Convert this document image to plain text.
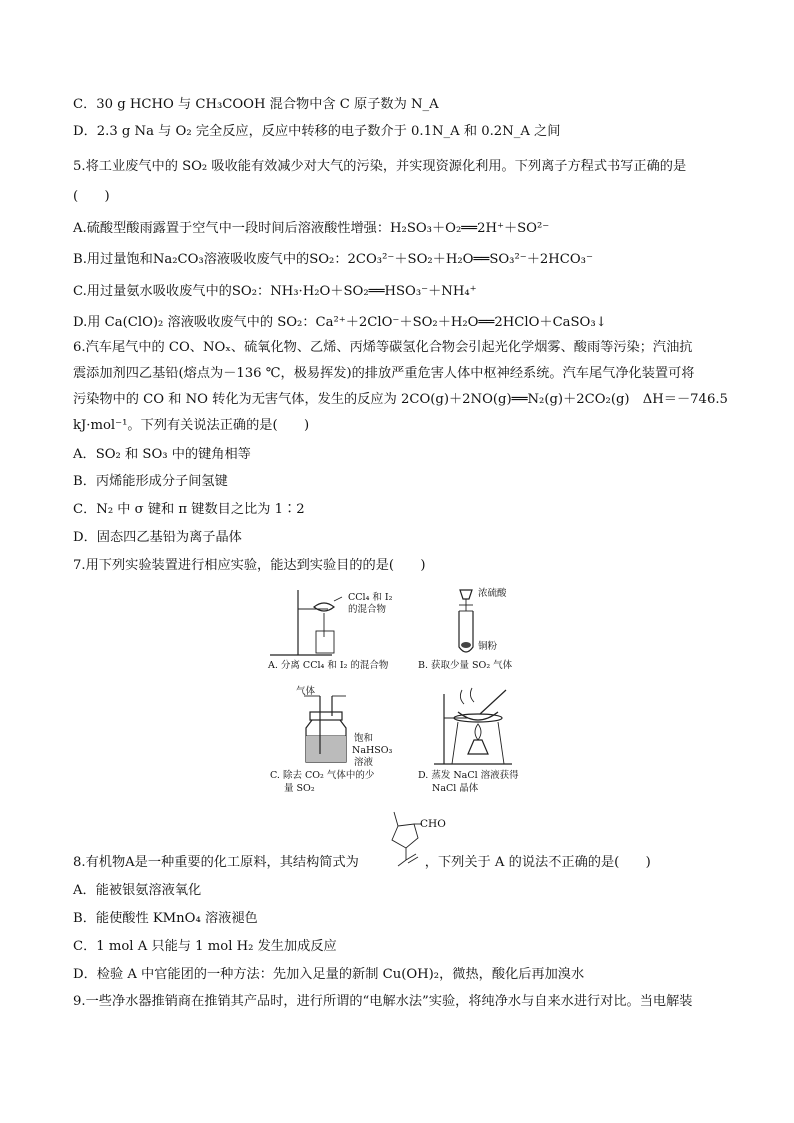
C．30 g HCHO 与 CH₃COOH 混合物中含 C 原子数为 N_A
D．2.3 g Na 与 O₂ 完全反应，反应中转移的电子数介于 0.1N_A 和 0.2N_A 之间
5.将工业废气中的 SO₂ 吸收能有效减少对大气的污染，并实现资源化利用。下列离子方程式书写正确的是
(　　)
A.硫酸型酸雨露置于空气中一段时间后溶液酸性增强：H₂SO₃＋O₂══2H⁺＋SO²⁻
B.用过量饱和Na₂CO₃溶液吸收废气中的SO₂：2CO₃²⁻＋SO₂＋H₂O══SO₃²⁻＋2HCO₃⁻
C.用过量氨水吸收废气中的SO₂：NH₃·H₂O＋SO₂══HSO₃⁻＋NH₄⁺
D.用 Ca(ClO)₂ 溶液吸收废气中的 SO₂：Ca²⁺＋2ClO⁻＋SO₂＋H₂O══2HClO＋CaSO₃↓
6.汽车尾气中的 CO、NOₓ、硫氧化物、乙烯、丙烯等碳氢化合物会引起光化学烟雾、酸雨等污染；汽油抗
震添加剂四乙基铅(熔点为－136 ℃，极易挥发)的排放严重危害人体中枢神经系统。汽车尾气净化装置可将
污染物中的 CO 和 NO 转化为无害气体，发生的反应为 2CO(g)＋2NO(g)══N₂(g)＋2CO₂(g)　ΔH＝－746.5
kJ·mol⁻¹。下列有关说法正确的是(　　)
A．SO₂ 和 SO₃ 中的键角相等
B．丙烯能形成分子间氢键
C．N₂ 中 σ 键和 π 键数目之比为 1∶2
D．固态四乙基铅为离子晶体
7.用下列实验装置进行相应实验，能达到实验目的的是(　　)
CCl₄ 和 I₂
的混合物
A. 分离 CCl₄ 和 I₂ 的混合物
浓硫酸
铜粉
B. 获取少量 SO₂ 气体
气体
饱和
NaHSO₃
溶液
C. 除去 CO₂ 气体中的少
量 SO₂
D. 蒸发 NaCl 溶液获得
NaCl 晶体
CHO
8.有机物A是一种重要的化工原料，其结构简式为　　　　　，下列关于 A 的说法不正确的是(　　)
A．能被银氨溶液氧化
B．能使酸性 KMnO₄ 溶液褪色
C．1 mol A 只能与 1 mol H₂ 发生加成反应
D．检验 A 中官能团的一种方法：先加入足量的新制 Cu(OH)₂，微热，酸化后再加溴水
9.一些净水器推销商在推销其产品时，进行所谓的“电解水法”实验，将纯净水与自来水进行对比。当电解装
